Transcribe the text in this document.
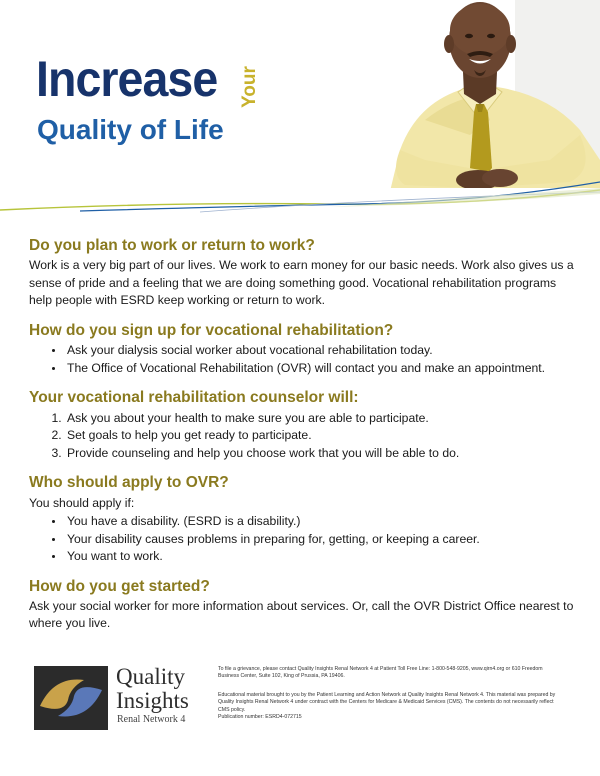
Increase Your
Quality of Life
Do you plan to work or return to work?

Work is a very big part of our lives. We work to earn money for our basic needs. Work also gives us a sense of pride and a feeling that we are doing something good. Vocational rehabilitation programs help people with ESRD keep working or return to work.

How do you sign up for vocational rehabilitation?
• Ask your dialysis social worker about vocational rehabilitation today.
• The Office of Vocational Rehabilitation (OVR) will contact you and make an appointment.
Your vocational rehabilitation counselor will:
1. Ask you about your health to make sure you are able to participate.
2. Set goals to help you get ready to participate.
3. Provide counseling and help you choose work that you will be able to do.
Who should apply to OVR?

You should apply if:

• You have a disability. (ESRD is a disability.)
• Your disability causes problems in preparing for, getting, or keeping a career.
• You want to work.
How do you get started?

Ask your social worker for more information about services. Or, call the OVR District Office nearest to where you live.

Quality
Insights
Renal Network 4
To file a grievance, please contact Quality Insights Renal Network 4 at Patient Toll Free Line: 1-800-548-9205, www.qirn4.org or 610 Freedom Business Center, Suite 102, King of Prussia, PA 19406.
Educational material brought to you by the Patient Learning and Action Network at Quality Insights Renal Network 4. This material was prepared by Quality Insights Renal Network 4 under contract with the Centers for Medicare & Medicaid Services (CMS). The contents do not necessarily reflect CMS policy.
Publication number: ESRD4-072715
